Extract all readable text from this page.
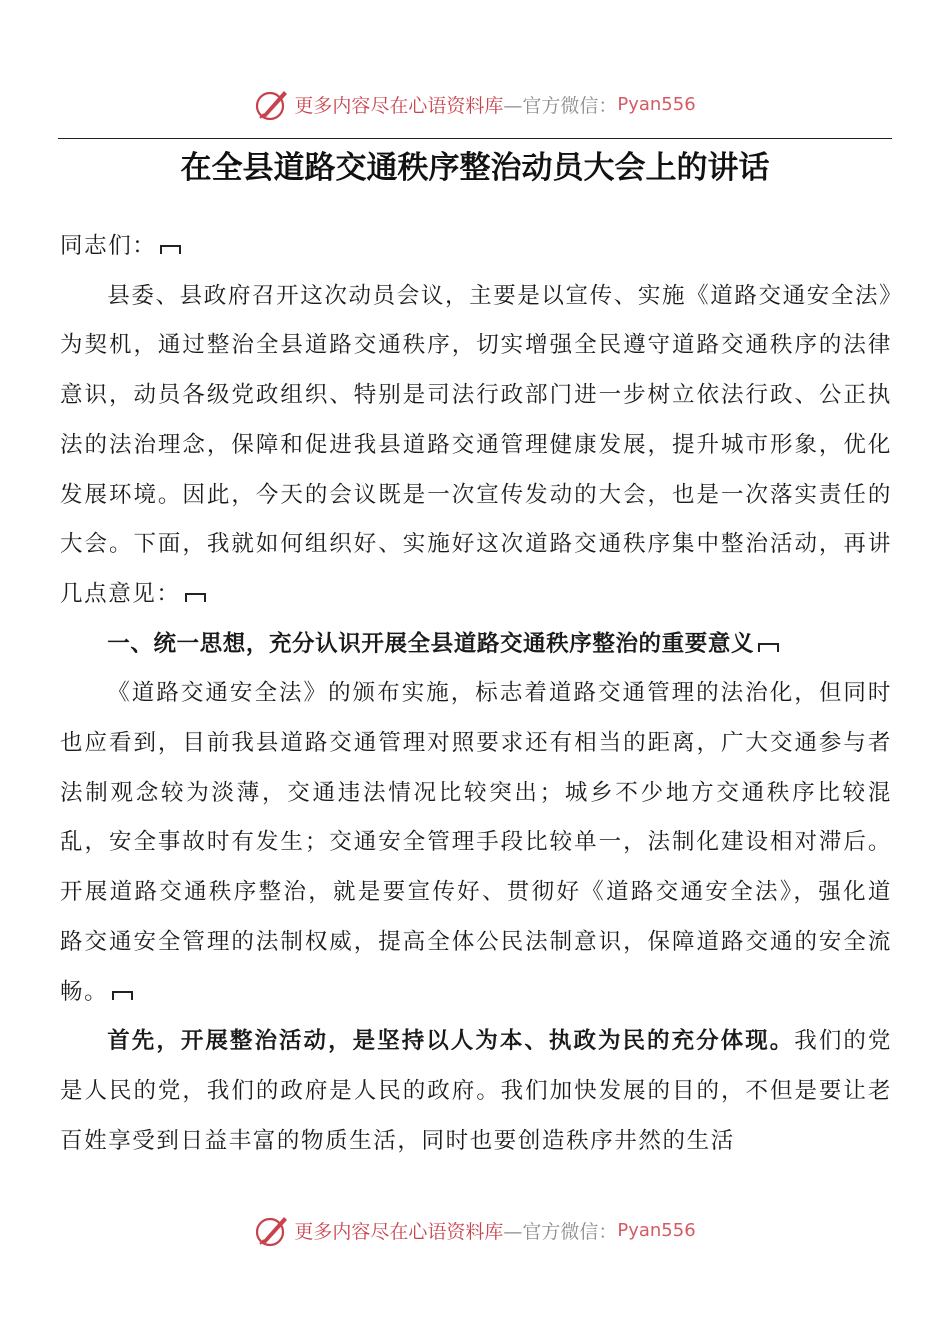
更多内容尽在心语资料库 —官方微信： Pyan556
在全县道路交通秩序整治动员大会上的讲话

同志们：

县委、县政府召开这次动员会议，主要是以宣传、实施《道路交通安全法》为契机，通过整治全县道路交通秩序，切实增强全民遵守道路交通秩序的法律意识，动员各级党政组织、特别是司法行政部门进一步树立依法行政、公正执法的法治理念，保障和促进我县道路交通管理健康发展，提升城市形象，优化发展环境。因此，今天的会议既是一次宣传发动的大会，也是一次落实责任的大会。下面，我就如何组织好、实施好这次道路交通秩序集中整治活动，再讲几点意见：

一、统一思想，充分认识开展全县道路交通秩序整治的重要意义

《道路交通安全法》的颁布实施，标志着道路交通管理的法治化，但同时也应看到，目前我县道路交通管理对照要求还有相当的距离，广大交通参与者法制观念较为淡薄，交通违法情况比较突出；城乡不少地方交通秩序比较混乱，安全事故时有发生；交通安全管理手段比较单一，法制化建设相对滞后。开展道路交通秩序整治，就是要宣传好、贯彻好《道路交通安全法》，强化道路交通安全管理的法制权威，提高全体公民法制意识，保障道路交通的安全流畅。

首先，开展整治活动，是坚持以人为本、执政为民的充分体现。我们的党是人民的党，我们的政府是人民的政府。我们加快发展的目的，不但是要让老百姓享受到日益丰富的物质生活，同时也要创造秩序井然的生活

更多内容尽在心语资料库 —官方微信： Pyan556
